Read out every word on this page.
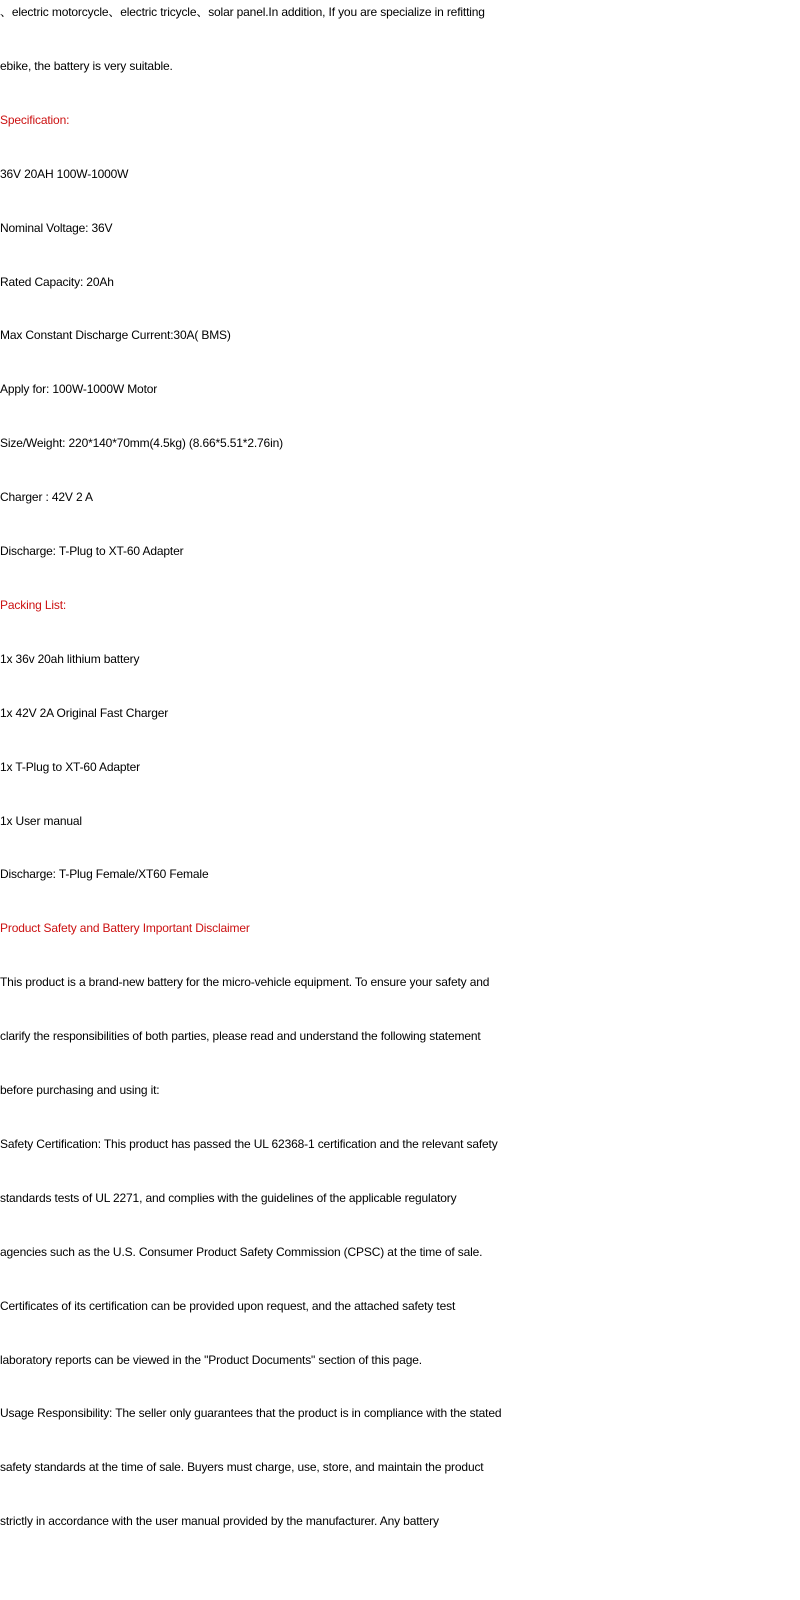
、electric motorcycle、electric tricycle、solar panel.In addition, If you are specialize in refitting
ebike, the battery is very suitable.
Specification:
36V 20AH 100W-1000W
Nominal Voltage: 36V
Rated Capacity: 20Ah
Max Constant Discharge Current:30A( BMS)
Apply for: 100W-1000W Motor
Size/Weight: 220*140*70mm(4.5kg) (8.66*5.51*2.76in)
Charger : 42V 2 A
Discharge: T-Plug to XT-60 Adapter
Packing List:
1x 36v 20ah lithium battery
1x 42V 2A Original Fast Charger
1x T-Plug to XT-60 Adapter
1x User manual
Discharge: T-Plug Female/XT60 Female
Product Safety and Battery Important Disclaimer
This product is a brand-new battery for the micro-vehicle equipment. To ensure your safety and
clarify the responsibilities of both parties, please read and understand the following statement
before purchasing and using it:
Safety Certification: This product has passed the UL 62368-1 certification and the relevant safety
standards tests of UL 2271, and complies with the guidelines of the applicable regulatory
agencies such as the U.S. Consumer Product Safety Commission (CPSC) at the time of sale.
Certificates of its certification can be provided upon request, and the attached safety test
laboratory reports can be viewed in the "Product Documents" section of this page.
Usage Responsibility: The seller only guarantees that the product is in compliance with the stated
safety standards at the time of sale. Buyers must charge, use, store, and maintain the product
strictly in accordance with the user manual provided by the manufacturer. Any battery
